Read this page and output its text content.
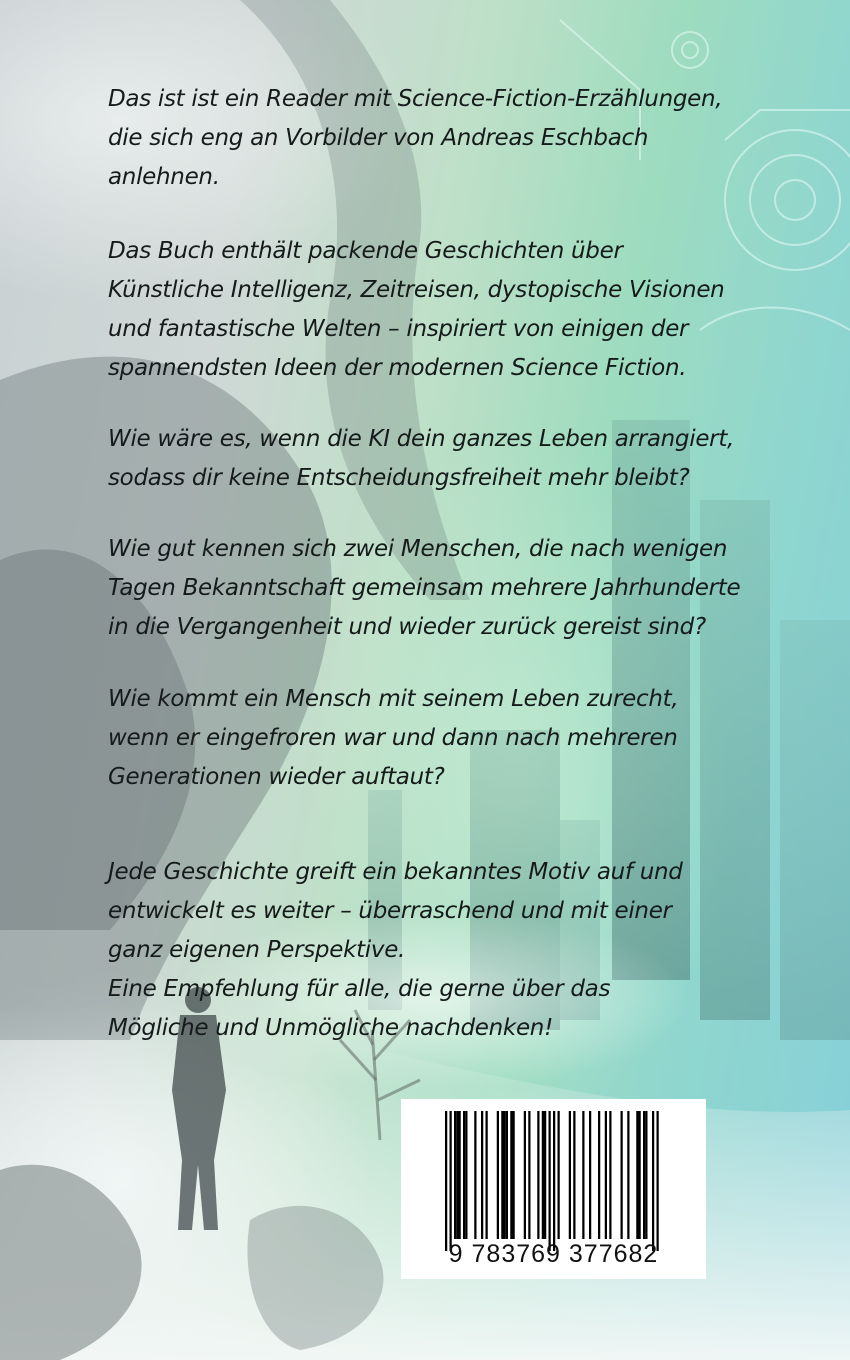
Das ist ist ein Reader mit Science-Fiction-Erzählungen,
die sich eng an Vorbilder von Andreas Eschbach
anlehnen.

Das Buch enthält packende Geschichten über
Künstliche Intelligenz, Zeitreisen, dystopische Visionen
und fantastische Welten – inspiriert von einigen der
spannendsten Ideen der modernen Science Fiction.

Wie wäre es, wenn die KI dein ganzes Leben arrangiert,
sodass dir keine Entscheidungsfreiheit mehr bleibt?

Wie gut kennen sich zwei Menschen, die nach wenigen
Tagen Bekanntschaft gemeinsam mehrere Jahrhunderte
in die Vergangenheit und wieder zurück gereist sind?

Wie kommt ein Mensch mit seinem Leben zurecht,
wenn er eingefroren war und dann nach mehreren
Generationen wieder auftaut?

Jede Geschichte greift ein bekanntes Motiv auf und
entwickelt es weiter – überraschend und mit einer
ganz eigenen Perspektive.
Eine Empfehlung für alle, die gerne über das
Mögliche und Unmögliche nachdenken!

9 783769 377682
